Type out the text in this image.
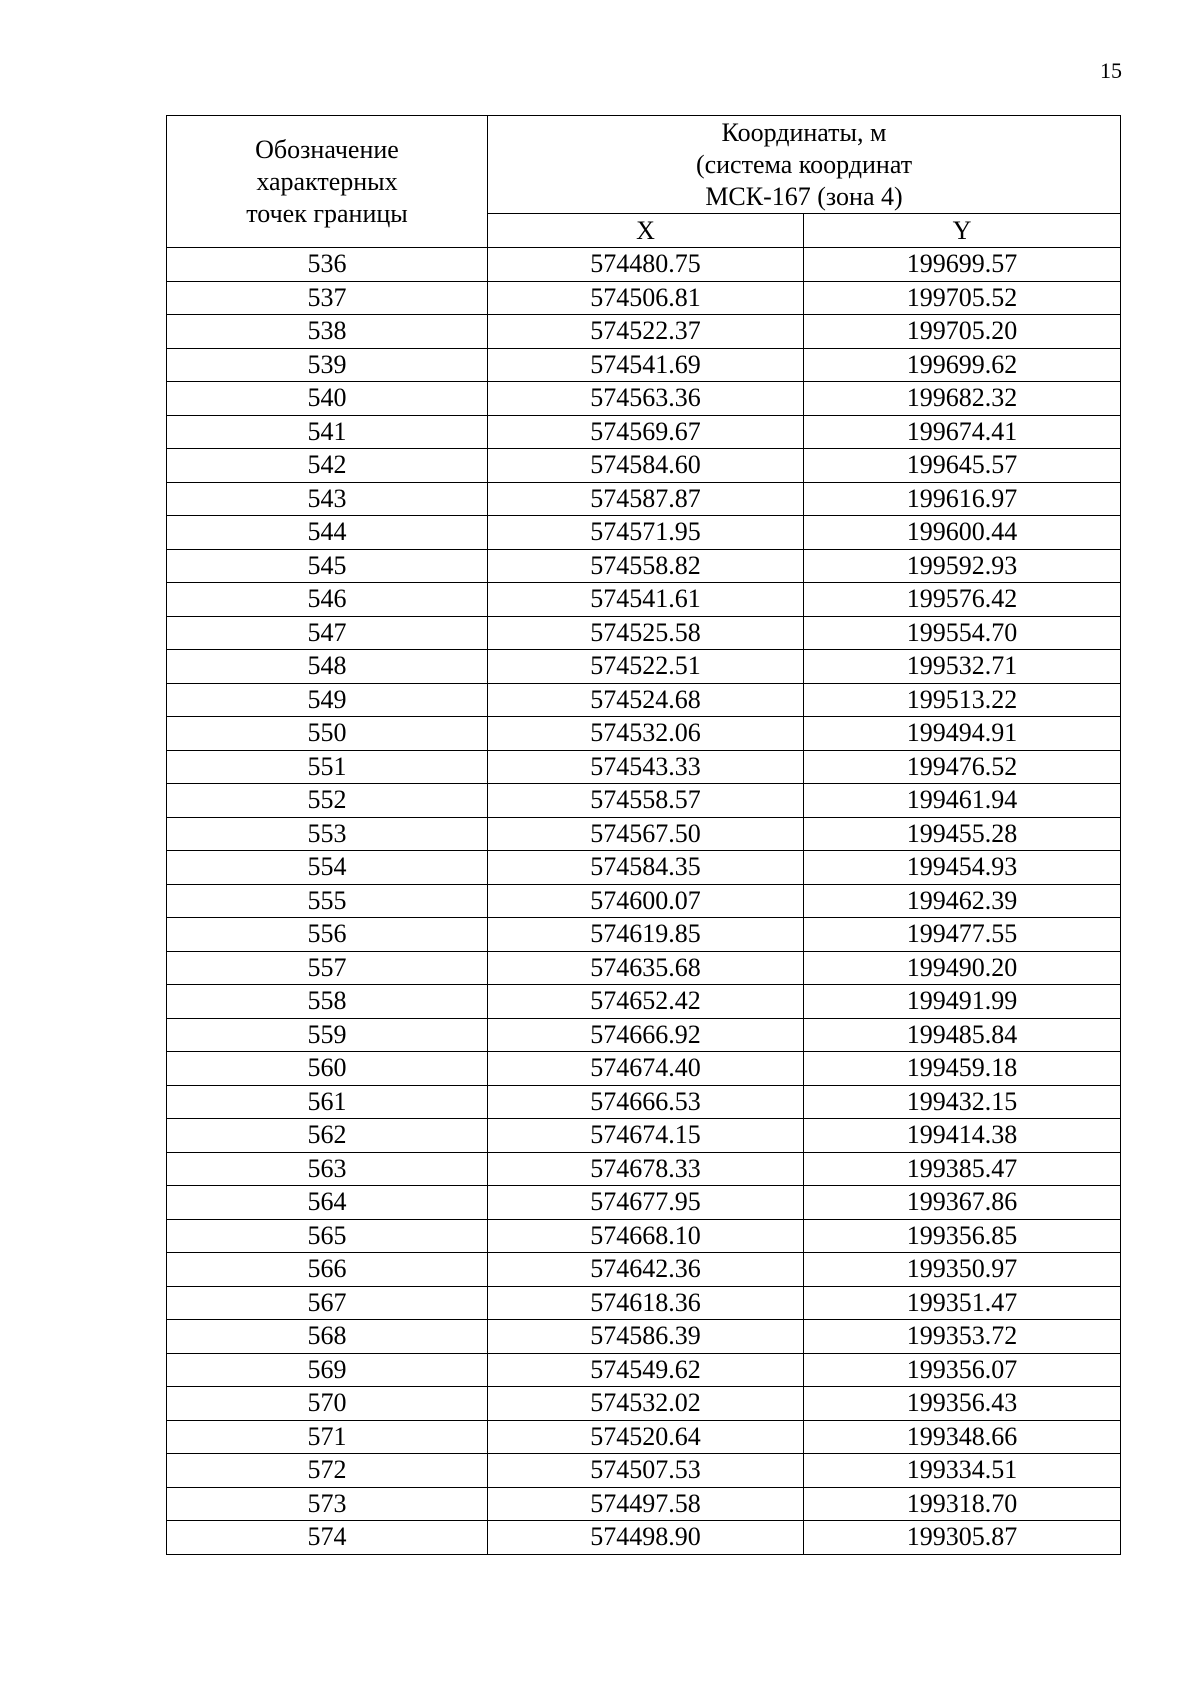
15
Обозначение
характерных
точек границы	Координаты, м
(система координат
МСК-167 (зона 4)	

	X	Y
536	574480.75	199699.57
537	574506.81	199705.52
538	574522.37	199705.20
539	574541.69	199699.62
540	574563.36	199682.32
541	574569.67	199674.41
542	574584.60	199645.57
543	574587.87	199616.97
544	574571.95	199600.44
545	574558.82	199592.93
546	574541.61	199576.42
547	574525.58	199554.70
548	574522.51	199532.71
549	574524.68	199513.22
550	574532.06	199494.91
551	574543.33	199476.52
552	574558.57	199461.94
553	574567.50	199455.28
554	574584.35	199454.93
555	574600.07	199462.39
556	574619.85	199477.55
557	574635.68	199490.20
558	574652.42	199491.99
559	574666.92	199485.84
560	574674.40	199459.18
561	574666.53	199432.15
562	574674.15	199414.38
563	574678.33	199385.47
564	574677.95	199367.86
565	574668.10	199356.85
566	574642.36	199350.97
567	574618.36	199351.47
568	574586.39	199353.72
569	574549.62	199356.07
570	574532.02	199356.43
571	574520.64	199348.66
572	574507.53	199334.51
573	574497.58	199318.70
574	574498.90	199305.87
